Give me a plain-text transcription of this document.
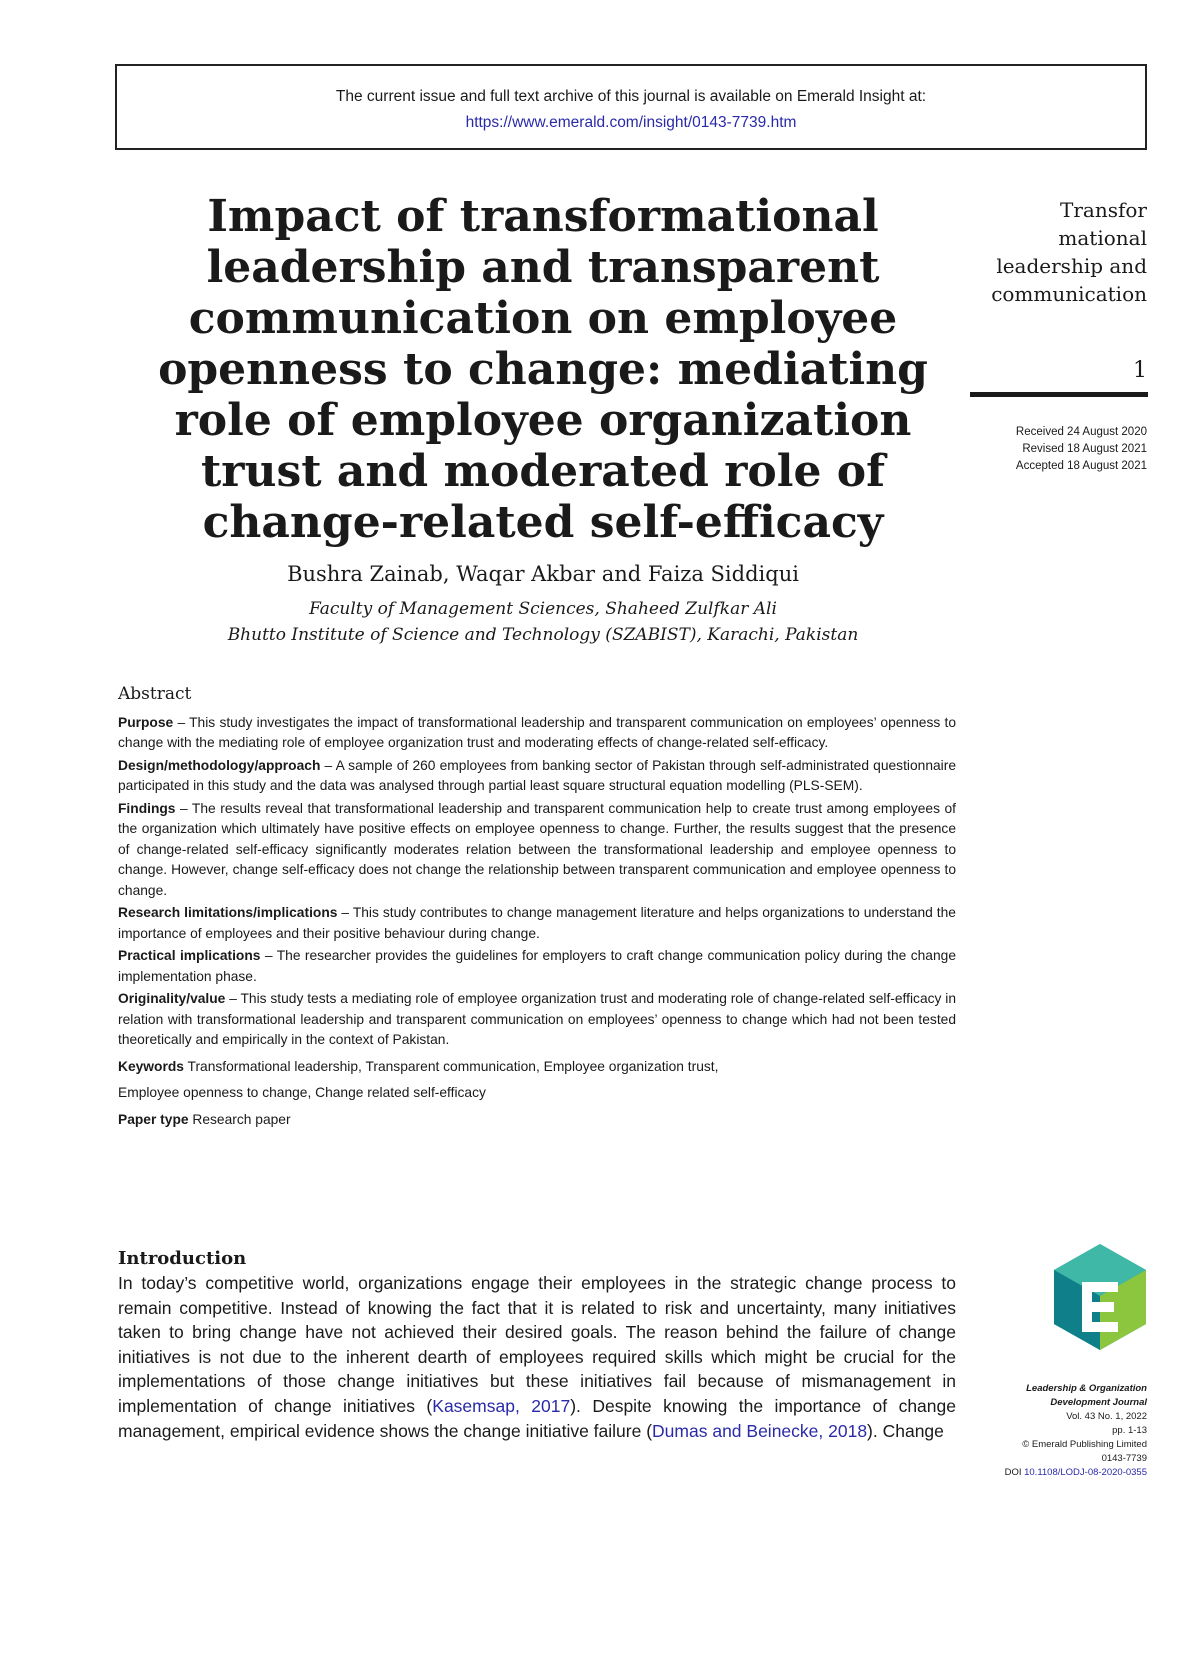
The current issue and full text archive of this journal is available on Emerald Insight at:
https://www.emerald.com/insight/0143-7739.htm
Impact of transformational leadership and transparent communication on employee openness to change: mediating role of employee organization trust and moderated role of change-related self-efficacy
Transfor
mational
leadership and
communication
1
Received 24 August 2020
Revised 18 August 2021
Accepted 18 August 2021
Bushra Zainab, Waqar Akbar and Faiza Siddiqui
Faculty of Management Sciences, Shaheed Zulfkar Ali
Bhutto Institute of Science and Technology (SZABIST), Karachi, Pakistan
Abstract

Purpose – This study investigates the impact of transformational leadership and transparent communication on employees’ openness to change with the mediating role of employee organization trust and moderating effects of change-related self-efficacy.

Design/methodology/approach – A sample of 260 employees from banking sector of Pakistan through self-administrated questionnaire participated in this study and the data was analysed through partial least square structural equation modelling (PLS-SEM).

Findings – The results reveal that transformational leadership and transparent communication help to create trust among employees of the organization which ultimately have positive effects on employee openness to change. Further, the results suggest that the presence of change-related self-efficacy significantly moderates relation between the transformational leadership and employee openness to change. However, change self-efficacy does not change the relationship between transparent communication and employee openness to change.

Research limitations/implications – This study contributes to change management literature and helps organizations to understand the importance of employees and their positive behaviour during change.

Practical implications – The researcher provides the guidelines for employers to craft change communication policy during the change implementation phase.

Originality/value – This study tests a mediating role of employee organization trust and moderating role of change-related self-efficacy in relation with transformational leadership and transparent communication on employees’ openness to change which had not been tested theoretically and empirically in the context of Pakistan.

Keywords Transformational leadership, Transparent communication, Employee organization trust,

Employee openness to change, Change related self-efficacy

Paper type Research paper

Introduction

In today’s competitive world, organizations engage their employees in the strategic change process to remain competitive. Instead of knowing the fact that it is related to risk and uncertainty, many initiatives taken to bring change have not achieved their desired goals. The reason behind the failure of change initiatives is not due to the inherent dearth of employees required skills which might be crucial for the implementations of those change initiatives but these initiatives fail because of mismanagement in implementation of change initiatives (Kasemsap, 2017). Despite knowing the importance of change management, empirical evidence shows the change initiative failure (Dumas and Beinecke, 2018). Change

Leadership & Organization
Development Journal
Vol. 43 No. 1, 2022
pp. 1-13
© Emerald Publishing Limited
0143-7739
DOI 10.1108/LODJ-08-2020-0355
